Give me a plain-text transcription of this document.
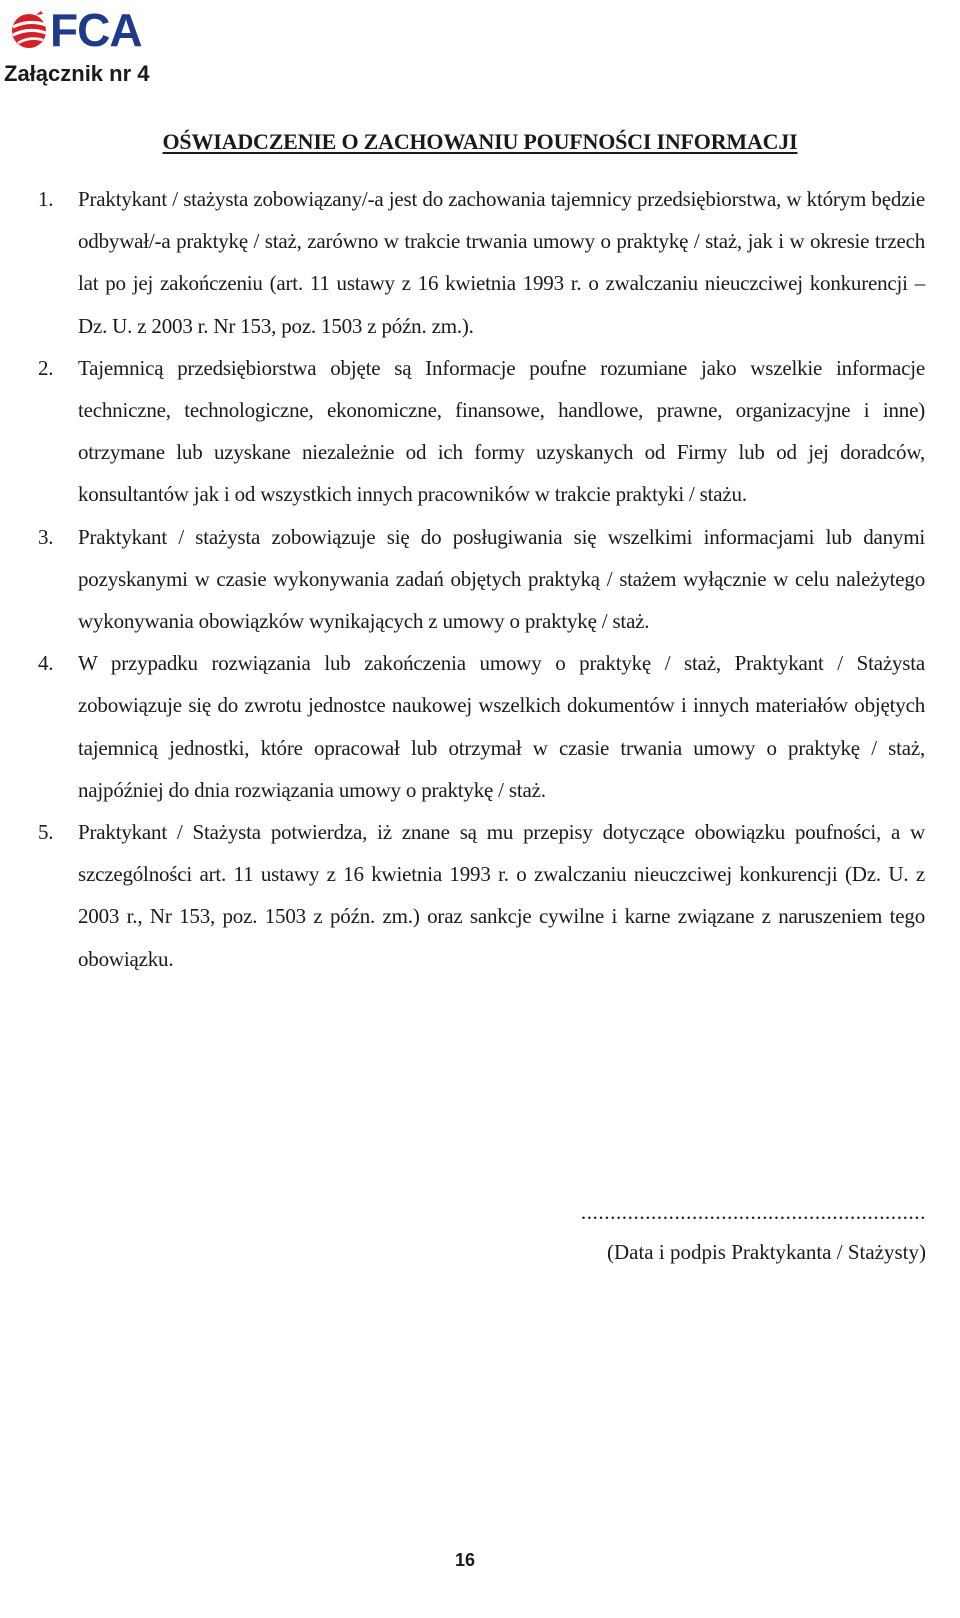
FCA
Załącznik nr 4
OŚWIADCZENIE O ZACHOWANIU POUFNOŚCI INFORMACJI
1.	Praktykant / stażysta zobowiązany/-a jest do zachowania tajemnicy przedsiębiorstwa, w którym będzie odbywał/-a praktykę / staż, zarówno w trakcie trwania umowy o praktykę / staż, jak i w okresie trzech lat po jej zakończeniu (art. 11 ustawy z 16 kwietnia 1993 r. o zwalczaniu nieuczciwej konkurencji – Dz. U. z 2003 r. Nr 153, poz. 1503 z późn. zm.).
2.	Tajemnicą przedsiębiorstwa objęte są Informacje poufne rozumiane jako wszelkie informacje techniczne, technologiczne, ekonomiczne, finansowe, handlowe, prawne, organizacyjne i inne) otrzymane lub uzyskane niezależnie od ich formy uzyskanych od Firmy lub od jej doradców, konsultantów jak i od wszystkich innych pracowników w trakcie praktyki / stażu.
3.	Praktykant / stażysta zobowiązuje się do posługiwania się wszelkimi informacjami lub danymi pozyskanymi w czasie wykonywania zadań objętych praktyką / stażem wyłącznie w celu należytego wykonywania obowiązków wynikających z umowy o praktykę / staż.
4.	W przypadku rozwiązania lub zakończenia umowy o praktykę / staż, Praktykant / Stażysta zobowiązuje się do zwrotu jednostce naukowej wszelkich dokumentów i innych materiałów objętych tajemnicą jednostki, które opracował lub otrzymał w czasie trwania umowy o praktykę / staż, najpóźniej do dnia rozwiązania umowy o praktykę / staż.
5.	Praktykant / Stażysta potwierdza, iż znane są mu przepisy dotyczące obowiązku poufności, a w szczególności art. 11 ustawy z 16 kwietnia 1993 r. o zwalczaniu nieuczciwej konkurencji (Dz. U. z 2003 r., Nr 153, poz. 1503 z późn. zm.) oraz sankcje cywilne i karne związane z naruszeniem tego obowiązku.
...........................................................
(Data i podpis Praktykanta / Stażysty)
16
